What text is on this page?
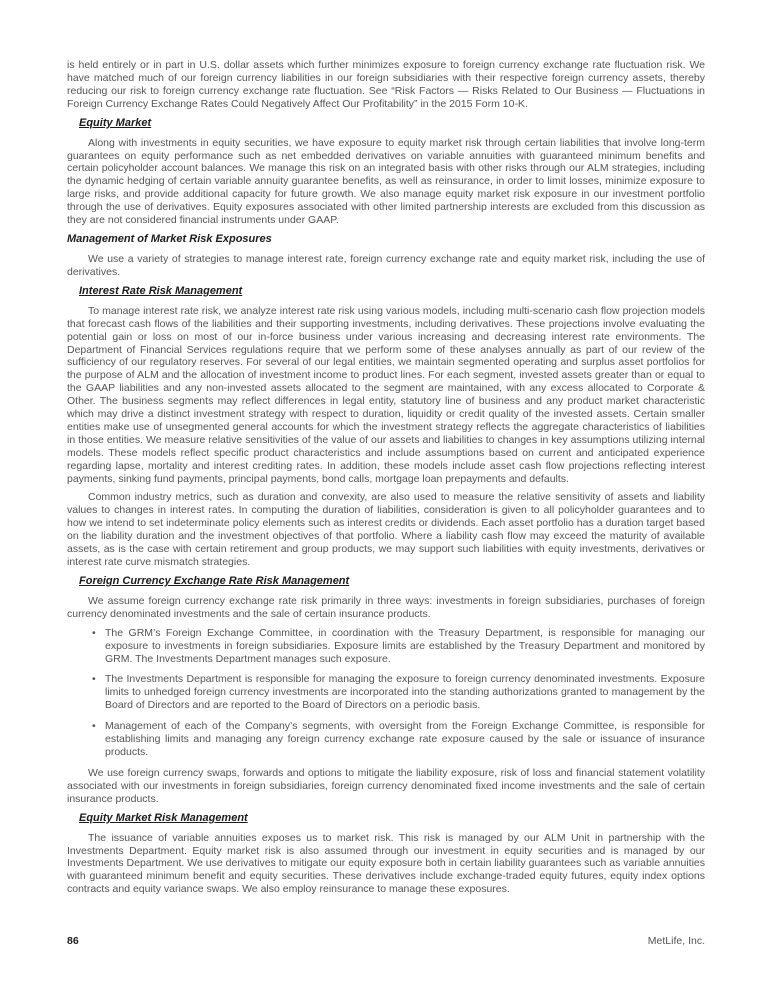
is held entirely or in part in U.S. dollar assets which further minimizes exposure to foreign currency exchange rate fluctuation risk. We have matched much of our foreign currency liabilities in our foreign subsidiaries with their respective foreign currency assets, thereby reducing our risk to foreign currency exchange rate fluctuation. See “Risk Factors — Risks Related to Our Business — Fluctuations in Foreign Currency Exchange Rates Could Negatively Affect Our Profitability” in the 2015 Form 10-K.

Equity Market

Along with investments in equity securities, we have exposure to equity market risk through certain liabilities that involve long-term guarantees on equity performance such as net embedded derivatives on variable annuities with guaranteed minimum benefits and certain policyholder account balances. We manage this risk on an integrated basis with other risks through our ALM strategies, including the dynamic hedging of certain variable annuity guarantee benefits, as well as reinsurance, in order to limit losses, minimize exposure to large risks, and provide additional capacity for future growth. We also manage equity market risk exposure in our investment portfolio through the use of derivatives. Equity exposures associated with other limited partnership interests are excluded from this discussion as they are not considered financial instruments under GAAP.

Management of Market Risk Exposures

We use a variety of strategies to manage interest rate, foreign currency exchange rate and equity market risk, including the use of derivatives.

Interest Rate Risk Management

To manage interest rate risk, we analyze interest rate risk using various models, including multi-scenario cash flow projection models that forecast cash flows of the liabilities and their supporting investments, including derivatives. These projections involve evaluating the potential gain or loss on most of our in-force business under various increasing and decreasing interest rate environments. The Department of Financial Services regulations require that we perform some of these analyses annually as part of our review of the sufficiency of our regulatory reserves. For several of our legal entities, we maintain segmented operating and surplus asset portfolios for the purpose of ALM and the allocation of investment income to product lines. For each segment, invested assets greater than or equal to the GAAP liabilities and any non-invested assets allocated to the segment are maintained, with any excess allocated to Corporate & Other. The business segments may reflect differences in legal entity, statutory line of business and any product market characteristic which may drive a distinct investment strategy with respect to duration, liquidity or credit quality of the invested assets. Certain smaller entities make use of unsegmented general accounts for which the investment strategy reflects the aggregate characteristics of liabilities in those entities. We measure relative sensitivities of the value of our assets and liabilities to changes in key assumptions utilizing internal models. These models reflect specific product characteristics and include assumptions based on current and anticipated experience regarding lapse, mortality and interest crediting rates. In addition, these models include asset cash flow projections reflecting interest payments, sinking fund payments, principal payments, bond calls, mortgage loan prepayments and defaults.

Common industry metrics, such as duration and convexity, are also used to measure the relative sensitivity of assets and liability values to changes in interest rates. In computing the duration of liabilities, consideration is given to all policyholder guarantees and to how we intend to set indeterminate policy elements such as interest credits or dividends. Each asset portfolio has a duration target based on the liability duration and the investment objectives of that portfolio. Where a liability cash flow may exceed the maturity of available assets, as is the case with certain retirement and group products, we may support such liabilities with equity investments, derivatives or interest rate curve mismatch strategies.

Foreign Currency Exchange Rate Risk Management

We assume foreign currency exchange rate risk primarily in three ways: investments in foreign subsidiaries, purchases of foreign currency denominated investments and the sale of certain insurance products.

• The GRM’s Foreign Exchange Committee, in coordination with the Treasury Department, is responsible for managing our exposure to investments in foreign subsidiaries. Exposure limits are established by the Treasury Department and monitored by GRM. The Investments Department manages such exposure.

• The Investments Department is responsible for managing the exposure to foreign currency denominated investments. Exposure limits to unhedged foreign currency investments are incorporated into the standing authorizations granted to management by the Board of Directors and are reported to the Board of Directors on a periodic basis.

• Management of each of the Company’s segments, with oversight from the Foreign Exchange Committee, is responsible for establishing limits and managing any foreign currency exchange rate exposure caused by the sale or issuance of insurance products.

We use foreign currency swaps, forwards and options to mitigate the liability exposure, risk of loss and financial statement volatility associated with our investments in foreign subsidiaries, foreign currency denominated fixed income investments and the sale of certain insurance products.

Equity Market Risk Management

The issuance of variable annuities exposes us to market risk. This risk is managed by our ALM Unit in partnership with the Investments Department. Equity market risk is also assumed through our investment in equity securities and is managed by our Investments Department. We use derivatives to mitigate our equity exposure both in certain liability guarantees such as variable annuities with guaranteed minimum benefit and equity securities. These derivatives include exchange-traded equity futures, equity index options contracts and equity variance swaps. We also employ reinsurance to manage these exposures.

86	MetLife, Inc.
